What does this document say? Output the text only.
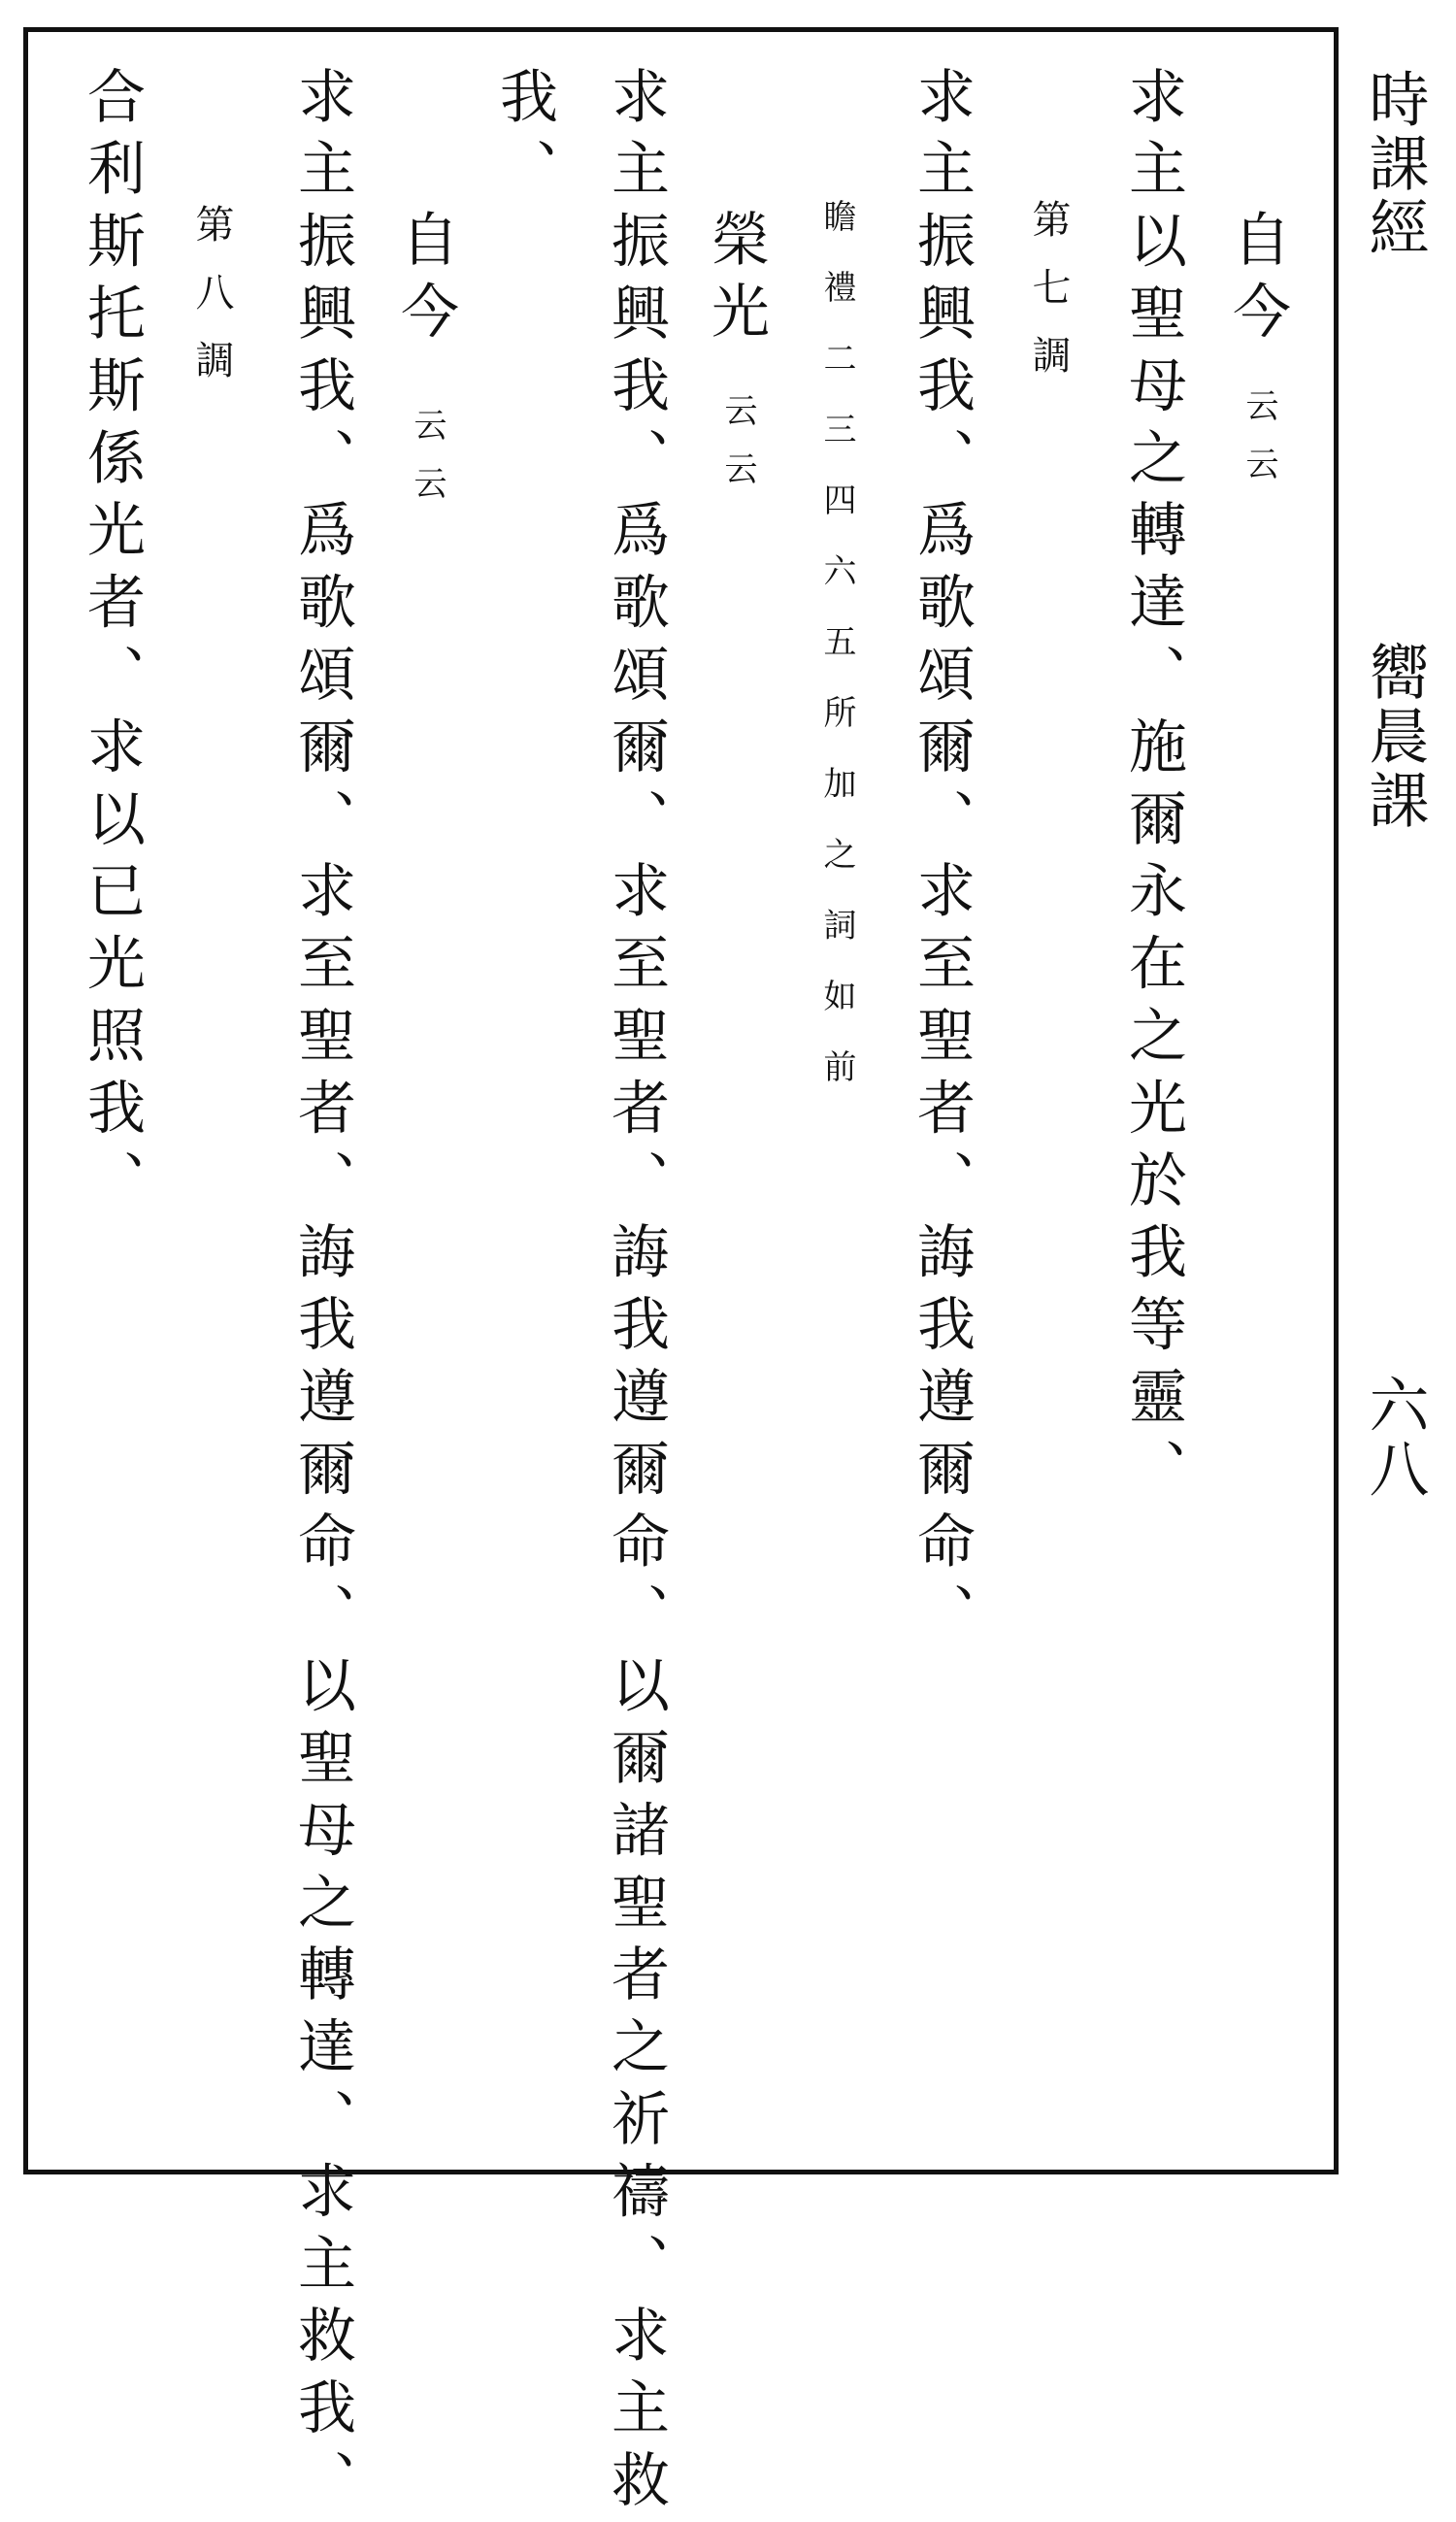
時課經
嚮晨課
六八
自今
云云
求主以聖母之轉達、施爾永在之光於我等靈、
第七調
求主振興我、爲歌頌爾、求至聖者、誨我遵爾命、
瞻禮二三四六五所加之詞如前
榮光
云云
求主振興我、爲歌頌爾、求至聖者、誨我遵爾命、以爾諸聖者之祈禱、求主救
我、
自今
云云
求主振興我、爲歌頌爾、求至聖者、誨我遵爾命、以聖母之轉達、求主救我、
第八調
合利斯托斯係光者、求以已光照我、
